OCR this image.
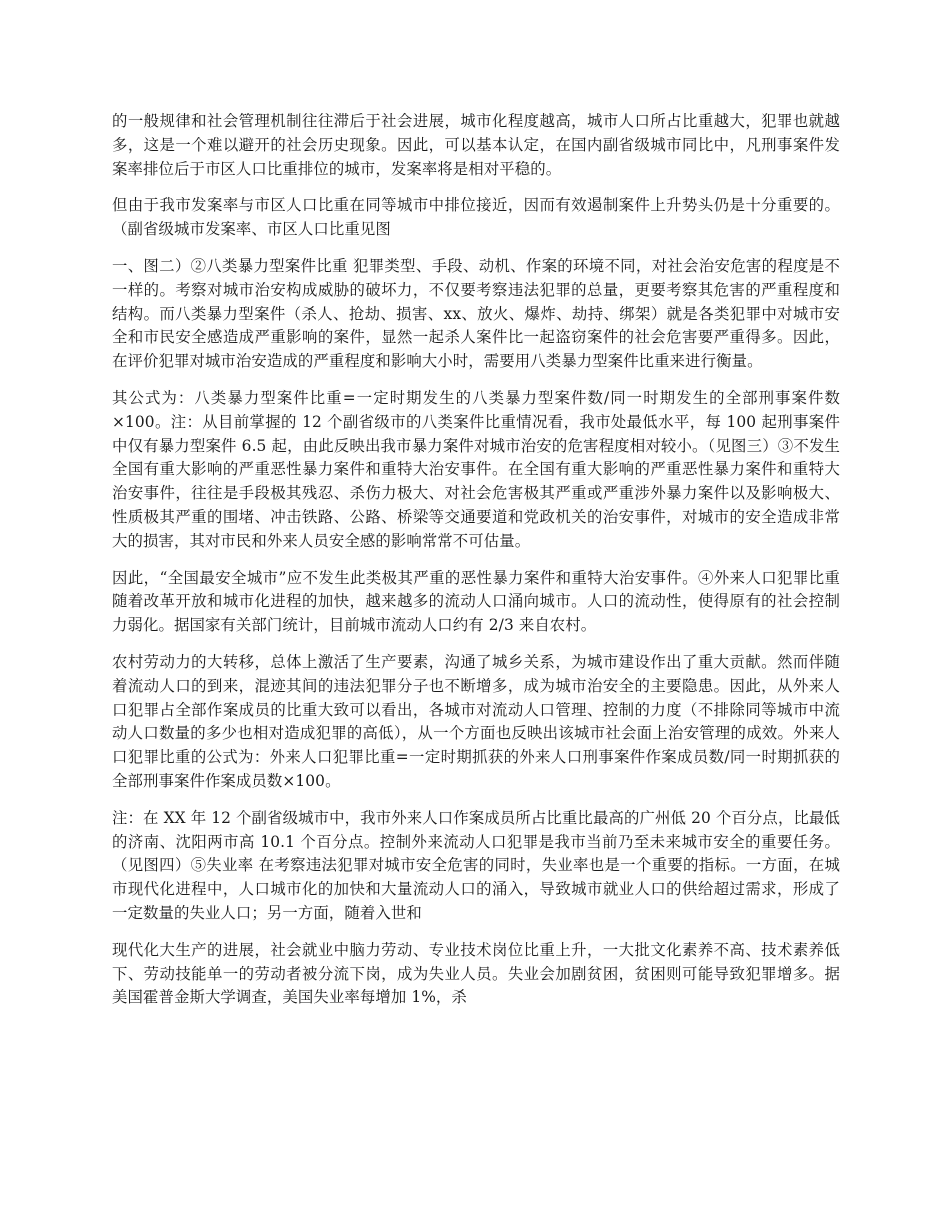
的一般规律和社会管理机制往往滞后于社会进展，城市化程度越高，城市人口所占比重越大，犯罪也就越多，这是一个难以避开的社会历史现象。因此，可以基本认定，在国内副省级城市同比中，凡刑事案件发案率排位后于市区人口比重排位的城市，发案率将是相对平稳的。

但由于我市发案率与市区人口比重在同等城市中排位接近，因而有效遏制案件上升势头仍是十分重要的。（副省级城市发案率、市区人口比重见图

一、图二）②八类暴力型案件比重 犯罪类型、手段、动机、作案的环境不同，对社会治安危害的程度是不一样的。考察对城市治安构成威胁的破坏力，不仅要考察违法犯罪的总量，更要考察其危害的严重程度和结构。而八类暴力型案件（杀人、抢劫、损害、xx、放火、爆炸、劫持、绑架）就是各类犯罪中对城市安全和市民安全感造成严重影响的案件，显然一起杀人案件比一起盗窃案件的社会危害要严重得多。因此，在评价犯罪对城市治安造成的严重程度和影响大小时，需要用八类暴力型案件比重来进行衡量。

其公式为：八类暴力型案件比重=一定时期发生的八类暴力型案件数/同一时期发生的全部刑事案件数×100。注：从目前掌握的 12 个副省级市的八类案件比重情况看，我市处最低水平，每 100 起刑事案件中仅有暴力型案件 6.5 起，由此反映出我市暴力案件对城市治安的危害程度相对较小。（见图三）③不发生全国有重大影响的严重恶性暴力案件和重特大治安事件。在全国有重大影响的严重恶性暴力案件和重特大治安事件，往往是手段极其残忍、杀伤力极大、对社会危害极其严重或严重涉外暴力案件以及影响极大、性质极其严重的围堵、冲击铁路、公路、桥梁等交通要道和党政机关的治安事件，对城市的安全造成非常大的损害，其对市民和外来人员安全感的影响常常不可估量。

因此，“全国最安全城市”应不发生此类极其严重的恶性暴力案件和重特大治安事件。④外来人口犯罪比重 随着改革开放和城市化进程的加快，越来越多的流动人口涌向城市。人口的流动性，使得原有的社会控制力弱化。据国家有关部门统计，目前城市流动人口约有 2/3 来自农村。

农村劳动力的大转移，总体上激活了生产要素，沟通了城乡关系，为城市建设作出了重大贡献。然而伴随着流动人口的到来，混迹其间的违法犯罪分子也不断增多，成为城市治安全的主要隐患。因此，从外来人口犯罪占全部作案成员的比重大致可以看出，各城市对流动人口管理、控制的力度（不排除同等城市中流动人口数量的多少也相对造成犯罪的高低），从一个方面也反映出该城市社会面上治安管理的成效。外来人口犯罪比重的公式为：外来人口犯罪比重=一定时期抓获的外来人口刑事案件作案成员数/同一时期抓获的全部刑事案件作案成员数×100。

注：在 XX 年 12 个副省级城市中，我市外来人口作案成员所占比重比最高的广州低 20 个百分点，比最低的济南、沈阳两市高 10.1 个百分点。控制外来流动人口犯罪是我市当前乃至未来城市安全的重要任务。（见图四）⑤失业率 在考察违法犯罪对城市安全危害的同时，失业率也是一个重要的指标。一方面，在城市现代化进程中，人口城市化的加快和大量流动人口的涌入，导致城市就业人口的供给超过需求，形成了一定数量的失业人口；另一方面，随着入世和

现代化大生产的进展，社会就业中脑力劳动、专业技术岗位比重上升，一大批文化素养不高、技术素养低下、劳动技能单一的劳动者被分流下岗，成为失业人员。失业会加剧贫困，贫困则可能导致犯罪增多。据美国霍普金斯大学调查，美国失业率每增加 1%，杀
